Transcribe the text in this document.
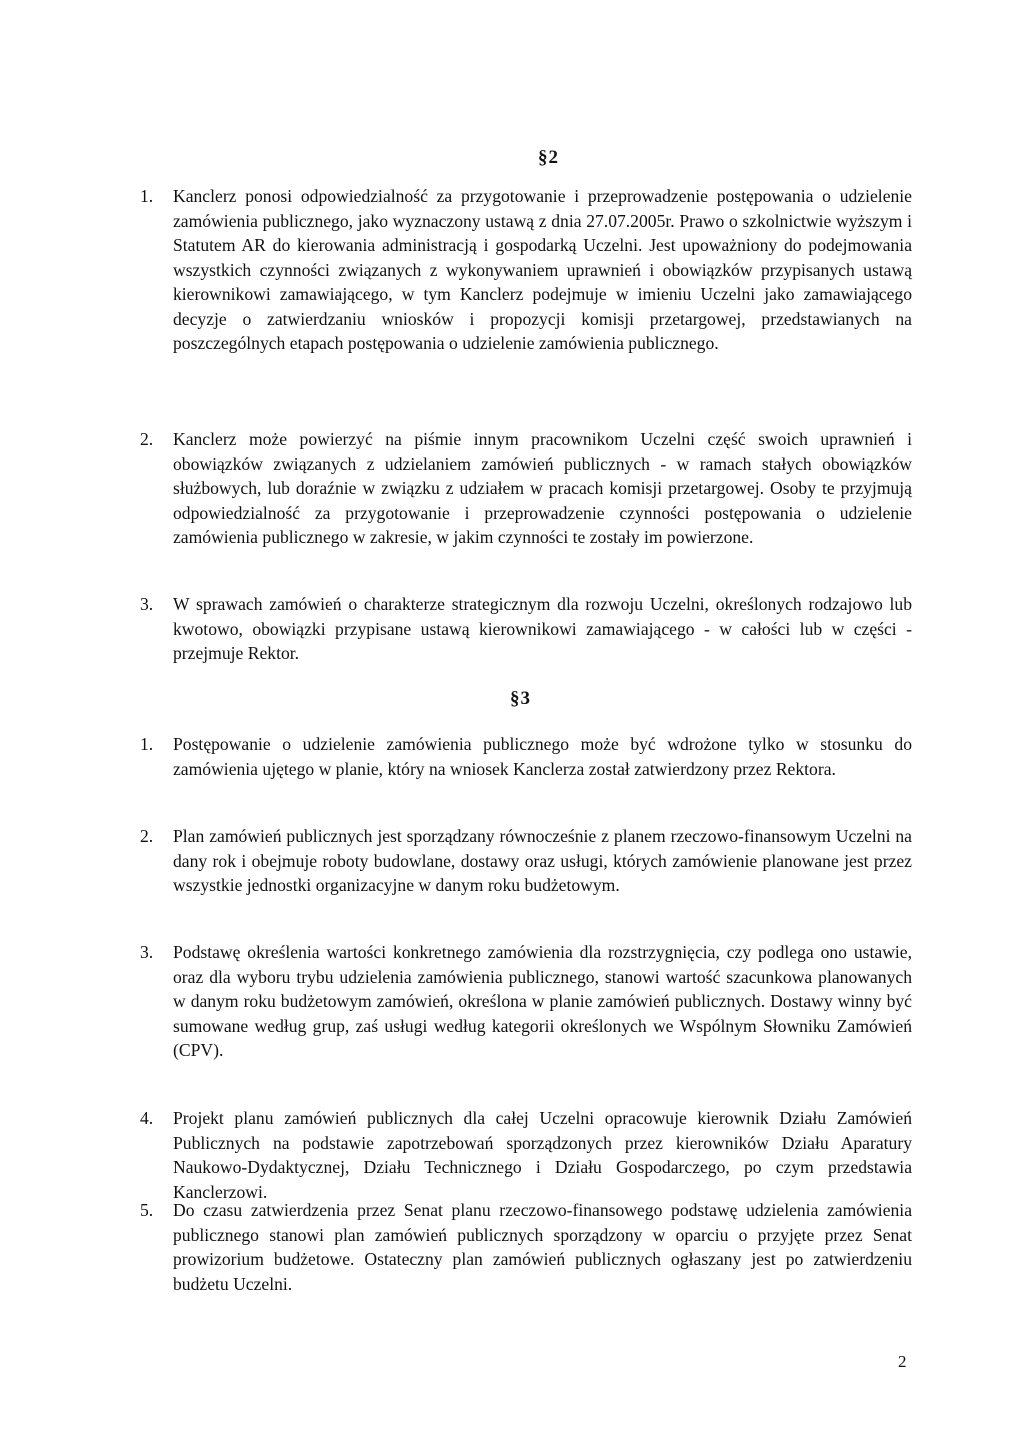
§2
1. Kanclerz ponosi odpowiedzialność za przygotowanie i przeprowadzenie postępowania o udzielenie zamówienia publicznego, jako wyznaczony ustawą z dnia 27.07.2005r. Prawo o szkolnictwie wyższym i Statutem AR do kierowania administracją i gospodarką Uczelni. Jest upoważniony do podejmowania wszystkich czynności związanych z wykonywaniem uprawnień i obowiązków przypisanych ustawą kierownikowi zamawiającego, w tym Kanclerz podejmuje w imieniu Uczelni jako zamawiającego decyzje o zatwierdzaniu wniosków i propozycji komisji przetargowej, przedstawianych na poszczególnych etapach postępowania o udzielenie zamówienia publicznego.
2. Kanclerz może powierzyć na piśmie innym pracownikom Uczelni część swoich uprawnień i obowiązków związanych z udzielaniem zamówień publicznych - w ramach stałych obowiązków służbowych, lub doraźnie w związku z udziałem w pracach komisji przetargowej. Osoby te przyjmują odpowiedzialność za przygotowanie i przeprowadzenie czynności postępowania o udzielenie zamówienia publicznego w zakresie, w jakim czynności te zostały im powierzone.
3. W sprawach zamówień o charakterze strategicznym dla rozwoju Uczelni, określonych rodzajowo lub kwotowo, obowiązki przypisane ustawą kierownikowi zamawiającego - w całości lub w części - przejmuje Rektor.
§3
1. Postępowanie o udzielenie zamówienia publicznego może być wdrożone tylko w stosunku do zamówienia ujętego w planie, który na wniosek Kanclerza został zatwierdzony przez Rektora.
2. Plan zamówień publicznych jest sporządzany równocześnie z planem rzeczowo-finansowym Uczelni na dany rok i obejmuje roboty budowlane, dostawy oraz usługi, których zamówienie planowane jest przez wszystkie jednostki organizacyjne w danym roku budżetowym.
3. Podstawę określenia wartości konkretnego zamówienia dla rozstrzygnięcia, czy podlega ono ustawie, oraz dla wyboru trybu udzielenia zamówienia publicznego, stanowi wartość szacunkowa planowanych w danym roku budżetowym zamówień, określona w planie zamówień publicznych. Dostawy winny być sumowane według grup, zaś usługi według kategorii określonych we Wspólnym Słowniku Zamówień (CPV).
4. Projekt planu zamówień publicznych dla całej Uczelni opracowuje kierownik Działu Zamówień Publicznych na podstawie zapotrzebowań sporządzonych przez kierowników Działu Aparatury Naukowo-Dydaktycznej, Działu Technicznego i Działu Gospodarczego, po czym przedstawia Kanclerzowi.
5. Do czasu zatwierdzenia przez Senat planu rzeczowo-finansowego podstawę udzielenia zamówienia publicznego stanowi plan zamówień publicznych sporządzony w oparciu o przyjęte przez Senat prowizorium budżetowe. Ostateczny plan zamówień publicznych ogłaszany jest po zatwierdzeniu budżetu Uczelni.
2
